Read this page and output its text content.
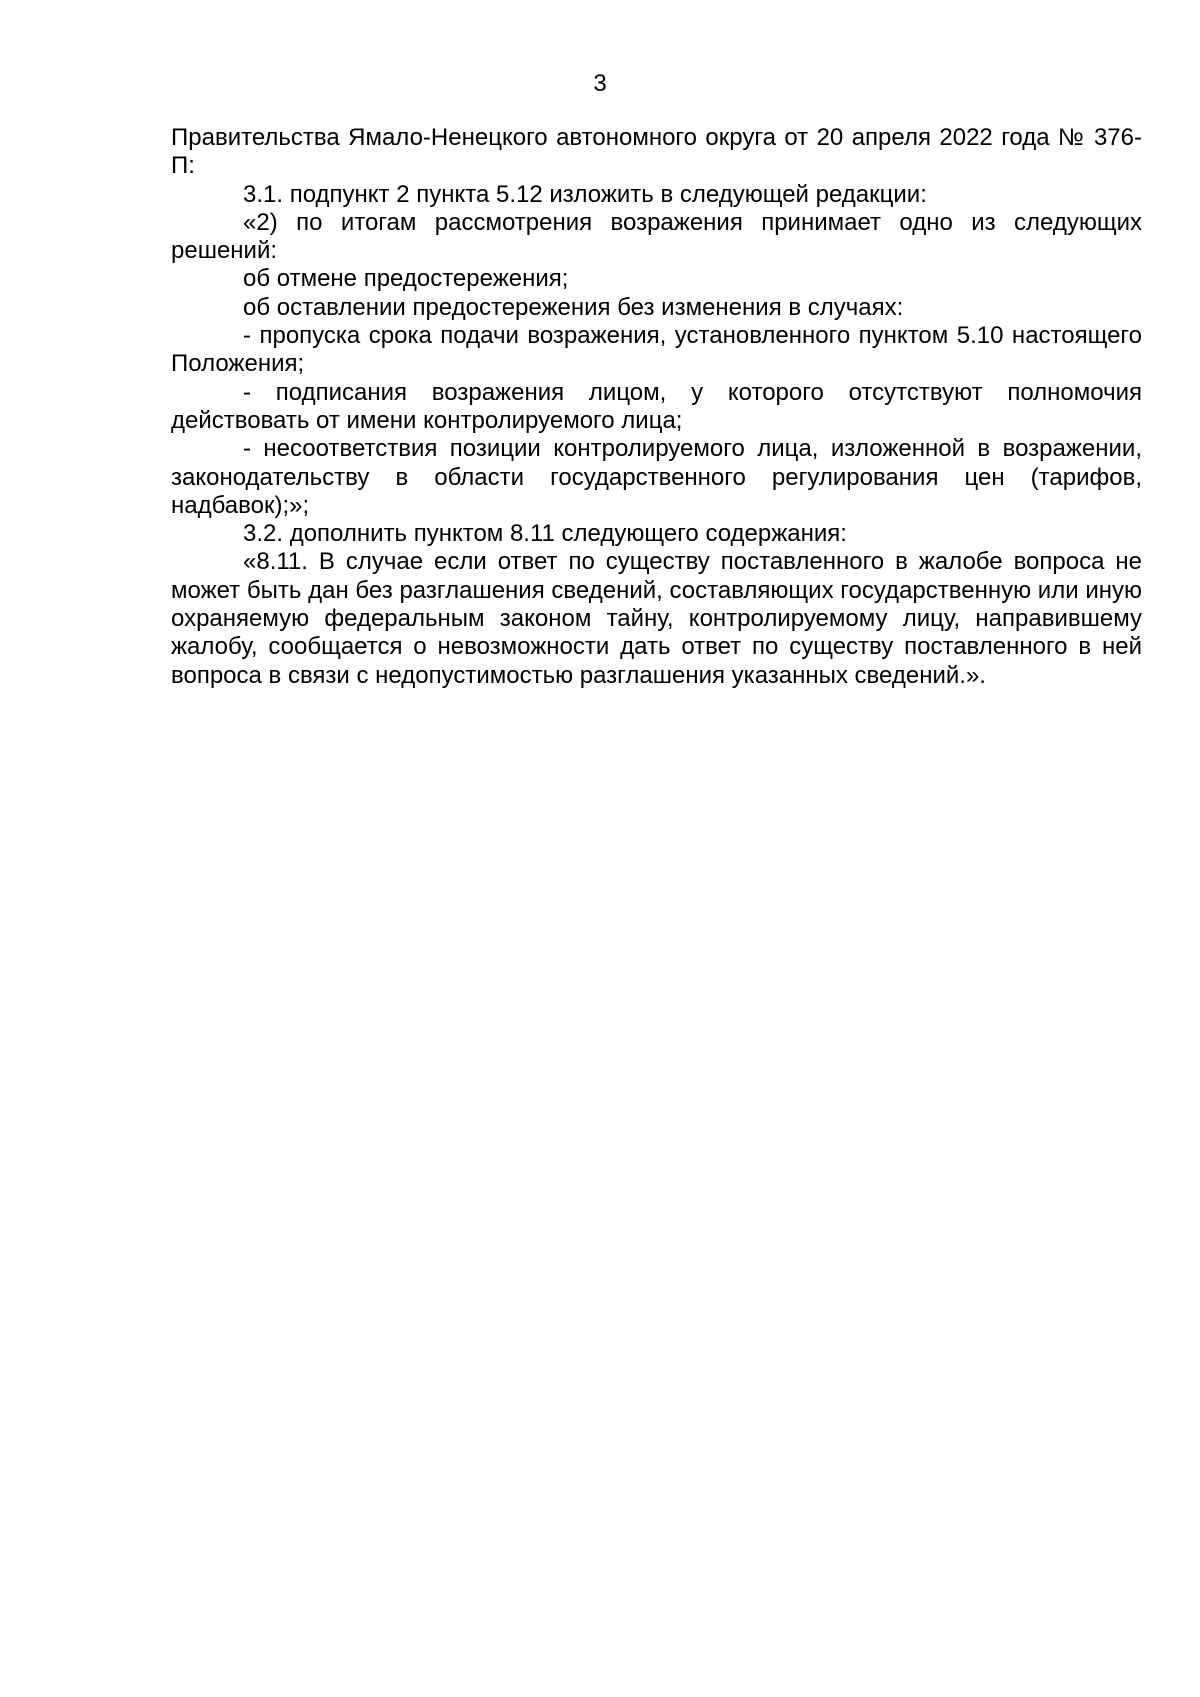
3

Правительства Ямало-Ненецкого автономного округа от 20 апреля 2022 года № 376-П:

3.1. подпункт 2 пункта 5.12 изложить в следующей редакции:

«2) по итогам рассмотрения возражения принимает одно из следующих решений:

об отмене предостережения;

об оставлении предостережения без изменения в случаях:

- пропуска срока подачи возражения, установленного пунктом 5.10 настоящего Положения;

- подписания возражения лицом, у которого отсутствуют полномочия действовать от имени контролируемого лица;

- несоответствия позиции контролируемого лица, изложенной в возражении, законодательству в области государственного регулирования цен (тарифов, надбавок);»;

3.2. дополнить пунктом 8.11 следующего содержания:

«8.11. В случае если ответ по существу поставленного в жалобе вопроса не может быть дан без разглашения сведений, составляющих государственную или иную охраняемую федеральным законом тайну, контролируемому лицу, направившему жалобу, сообщается о невозможности дать ответ по существу поставленного в ней вопроса в связи с недопустимостью разглашения указанных сведений.».
